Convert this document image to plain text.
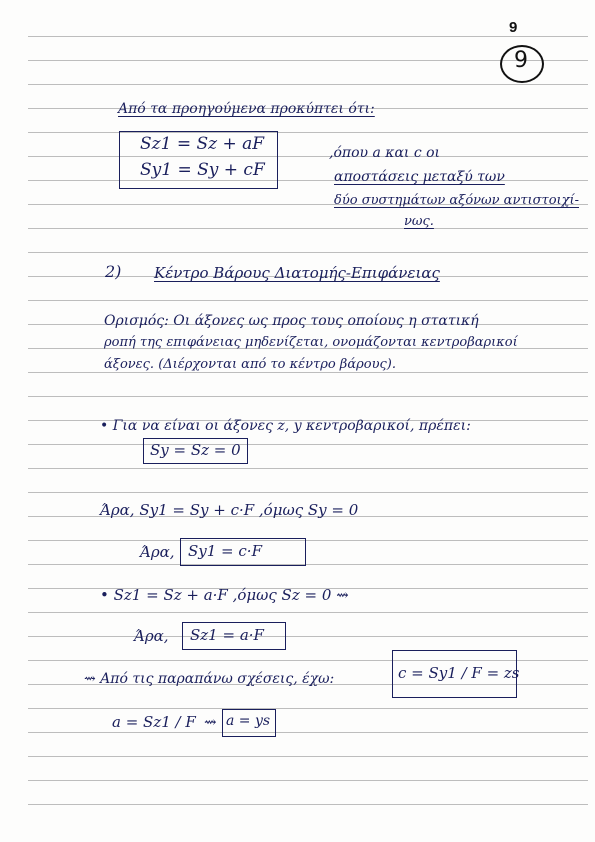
9
9
Από τα προηγούμενα προκύπτει ότι:
Sz1 = Sz + aF
Sy1 = Sy + cF
,όπου a και c οι
αποστάσεις μεταξύ των
δύο συστημάτων αξόνων αντιστοιχί-
νως.
2) Κέντρο Βάρους Διατομής-Επιφάνειας
Ορισμός: Οι άξονες ως προς τους οποίους η στατική
ροπή της επιφάνειας μηδενίζεται, ονομάζονται κεντροβαρικοί
άξονες. (Διέρχονται από το κέντρο βάρους).
• Για να είναι οι άξονες z, y κεντροβαρικοί, πρέπει:
Sy = Sz = 0
Άρα, Sy1 = Sy + c·F ,όμως Sy = 0
Άρα, Sy1 = c·F
• Sz1 = Sz + a·F ,όμως Sz = 0 ⇝
Άρα, Sz1 = a·F
⇝ Από τις παραπάνω σχέσεις, έχω:	c = Sy1 / F = zs
a = Sz1 / F ⇝ a = ys
